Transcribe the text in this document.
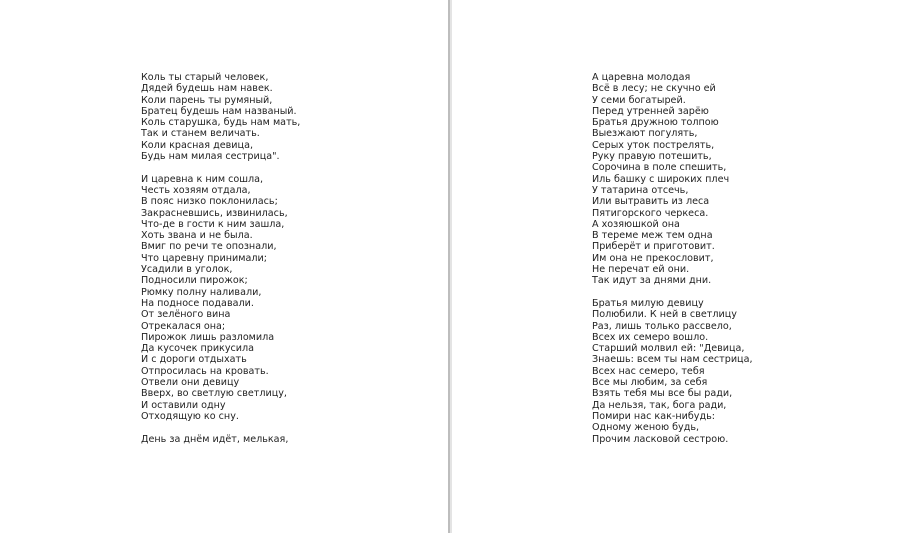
Коль ты старый человек,
Дядей будешь нам навек.
Коли парень ты румяный,
Братец будешь нам названый.
Коль старушка, будь нам мать,
Так и станем величать.
Коли красная девица,
Будь нам милая сестрица".
И царевна к ним сошла,
Честь хозяям отдала,
В пояс низко поклонилась;
Закрасневшись, извинилась,
Что-де в гости к ним зашла,
Хоть звана и не была.
Вмиг по речи те опознали,
Что царевну принимали;
Усадили в уголок,
Подносили пирожок;
Рюмку полну наливали,
На подносе подавали.
От зелёного вина
Отрекалася она;
Пирожок лишь разломила
Да кусочек прикусила
И с дороги отдыхать
Отпросилась на кровать.
Отвели они девицу
Вверх, во светлую светлицу,
И оставили одну
Отходящую ко сну.
День за днём идёт, мелькая,
А царевна молодая
Всё в лесу; не скучно ей
У семи богатырей.
Перед утренней зарёю
Братья дружною толпою
Выезжают погулять,
Серых уток пострелять,
Руку правую потешить,
Сорочина в поле спешить,
Иль башку с широких плеч
У татарина отсечь,
Или вытравить из леса
Пятигорского черкеса.
А хозяюшкой она
В тереме меж тем одна
Приберёт и приготовит.
Им она не прекословит,
Не перечат ей они.
Так идут за днями дни.
Братья милую девицу
Полюбили. К ней в светлицу
Раз, лишь только рассвело,
Всех их семеро вошло.
Старший молвил ей: "Девица,
Знаешь: всем ты нам сестрица,
Всех нас семеро, тебя
Все мы любим, за себя
Взять тебя мы все бы ради,
Да нельзя, так, бога ради,
Помири нас как-нибудь:
Одному женою будь,
Прочим ласковой сестрою.
